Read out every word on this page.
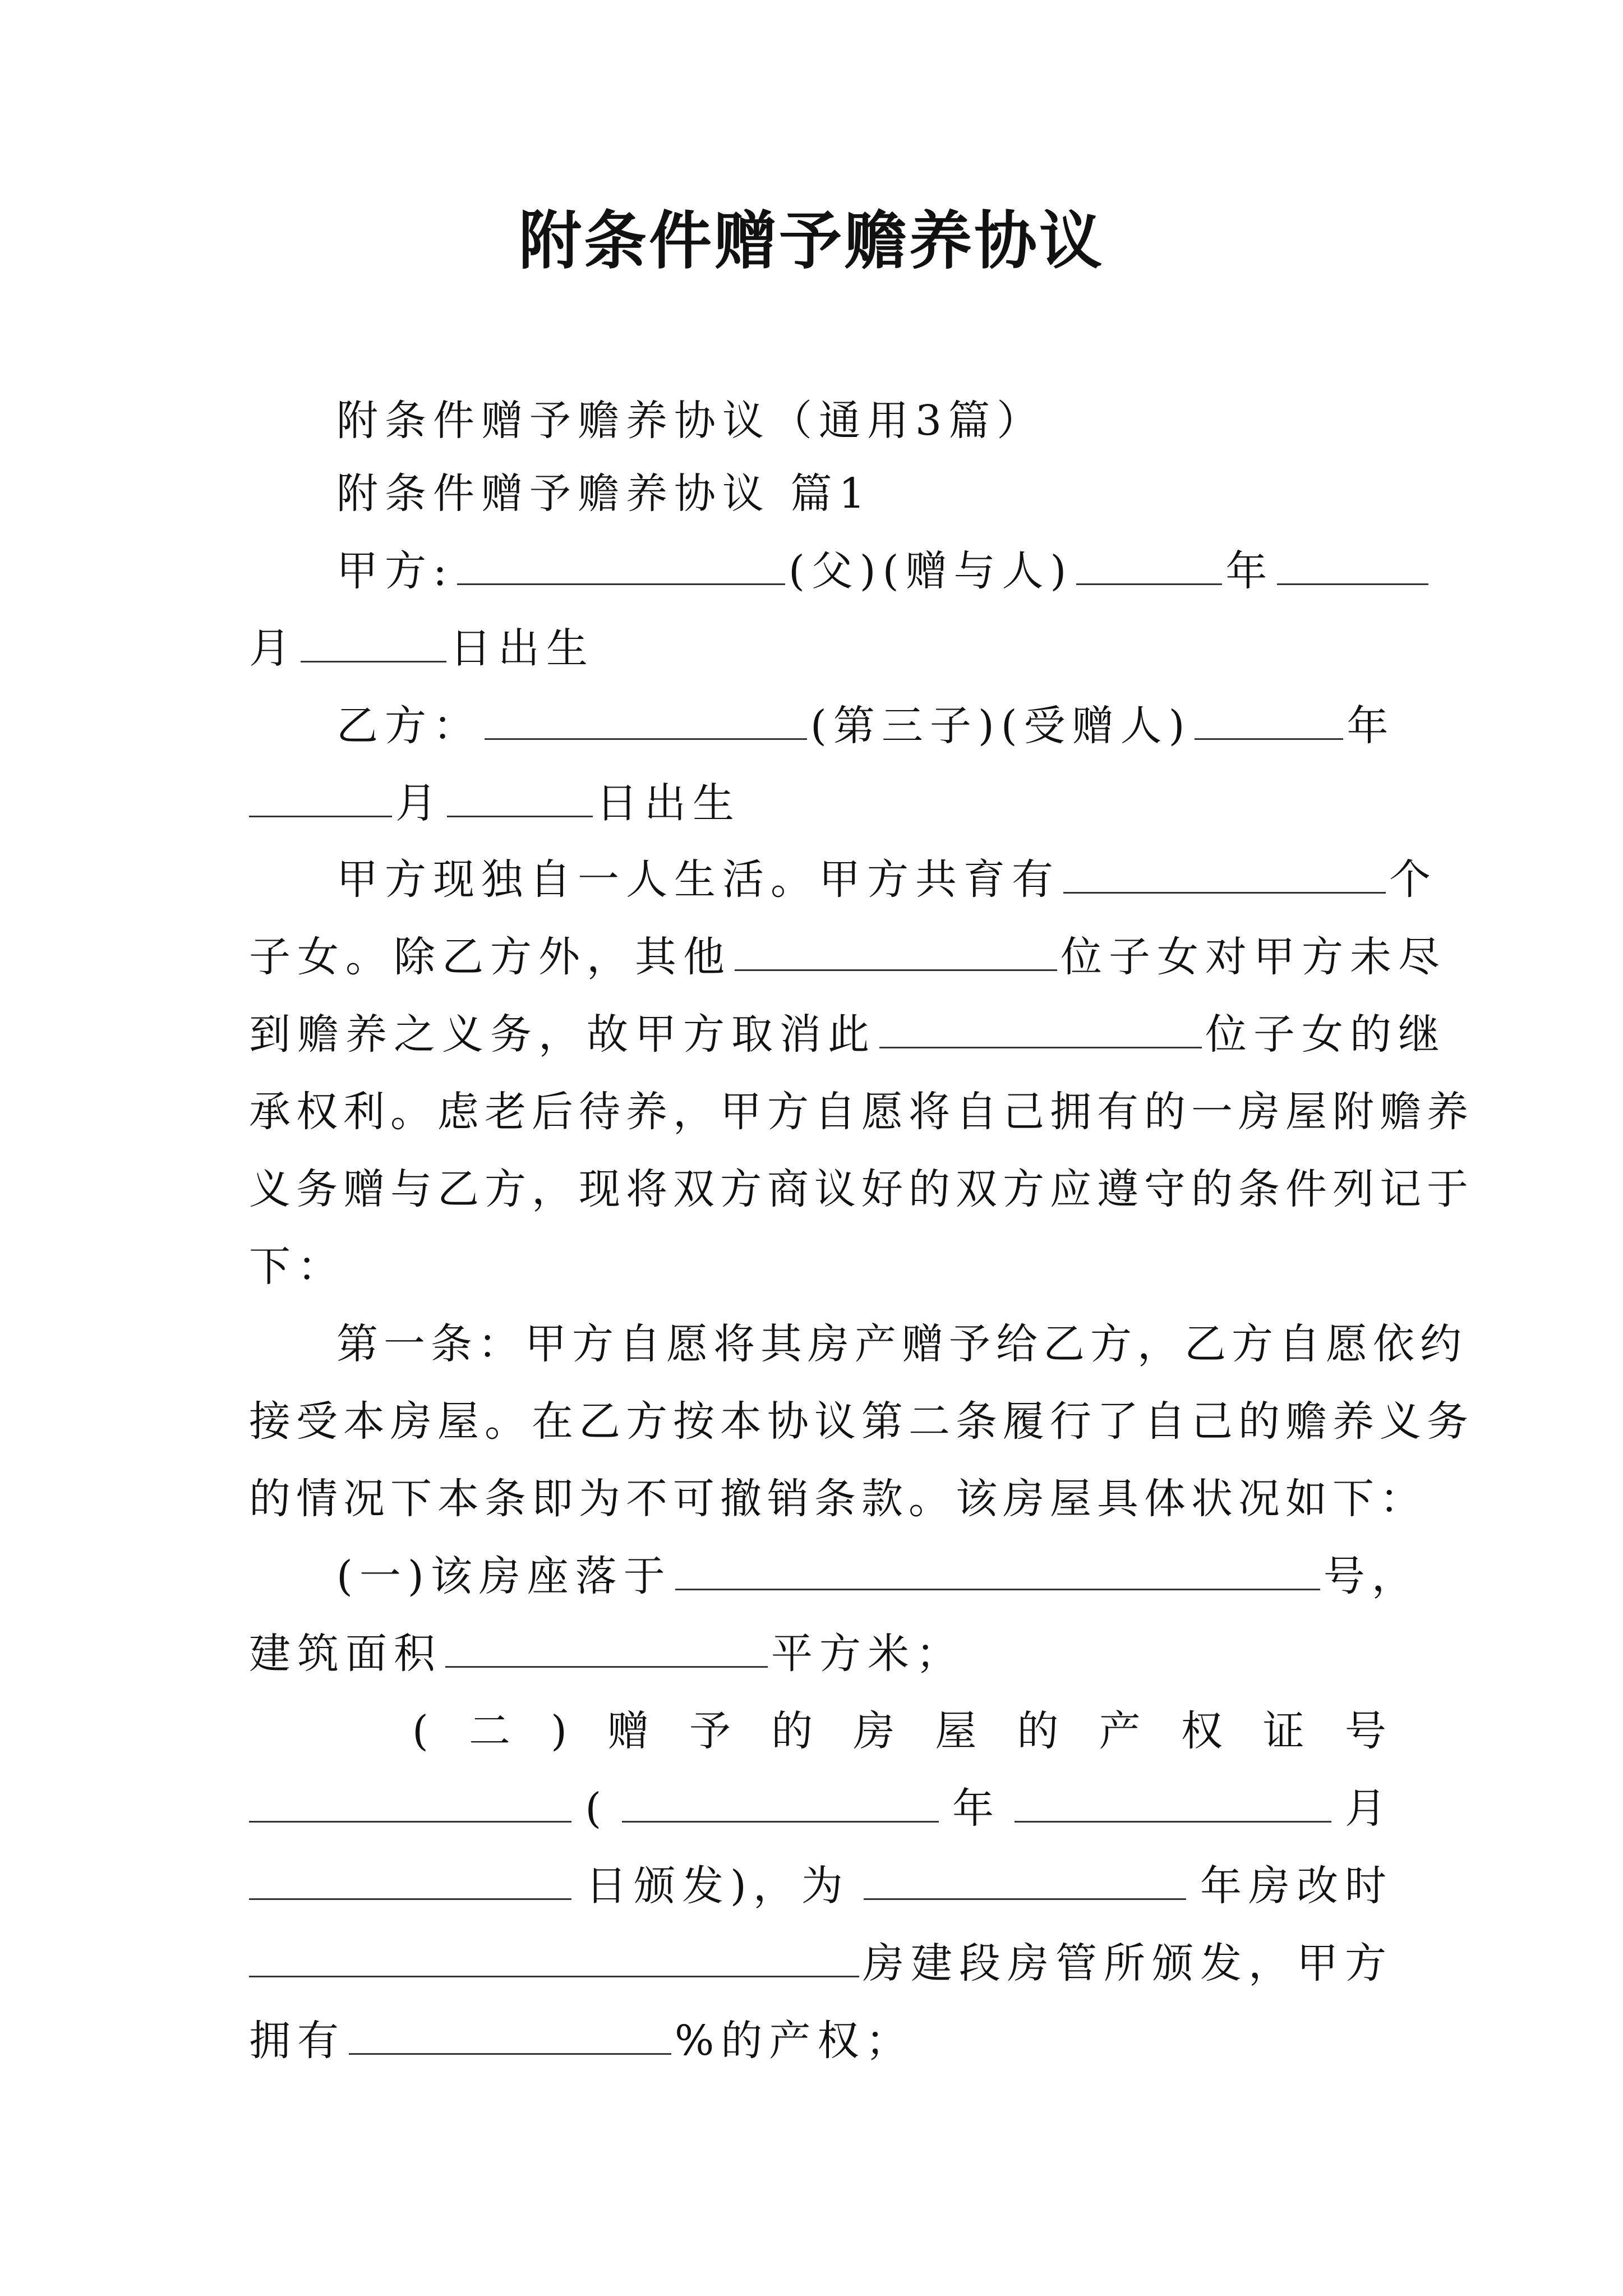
附条件赠予赡养协议
附条件赠予赡养协议（通用3篇）
附条件赠予赡养协议 篇1
甲方:	(父)(赠与人)	年
月	日出生
乙方：	(第三子)(受赠人)	年
月	日出生
甲方现独自一人生活。甲方共育有	个
子女。除乙方外，其他	位子女对甲方未尽
到赡养之义务，故甲方取消此	位子女的继
承权利。虑老后待养，甲方自愿将自己拥有的一房屋附赡养
义务赠与乙方，现将双方商议好的双方应遵守的条件列记于
下：
第一条：甲方自愿将其房产赠予给乙方，乙方自愿依约
接受本房屋。在乙方按本协议第二条履行了自己的赡养义务
的情况下本条即为不可撤销条款。该房屋具体状况如下：
(一)该房座落于	号，
建筑面积	平方米；
( 二 ) 赠 予 的 房 屋 的 产 权 证 号
(	年	月
日颁发)，为	年房改时
房建段房管所颁发，甲方
拥有	%的产权；
